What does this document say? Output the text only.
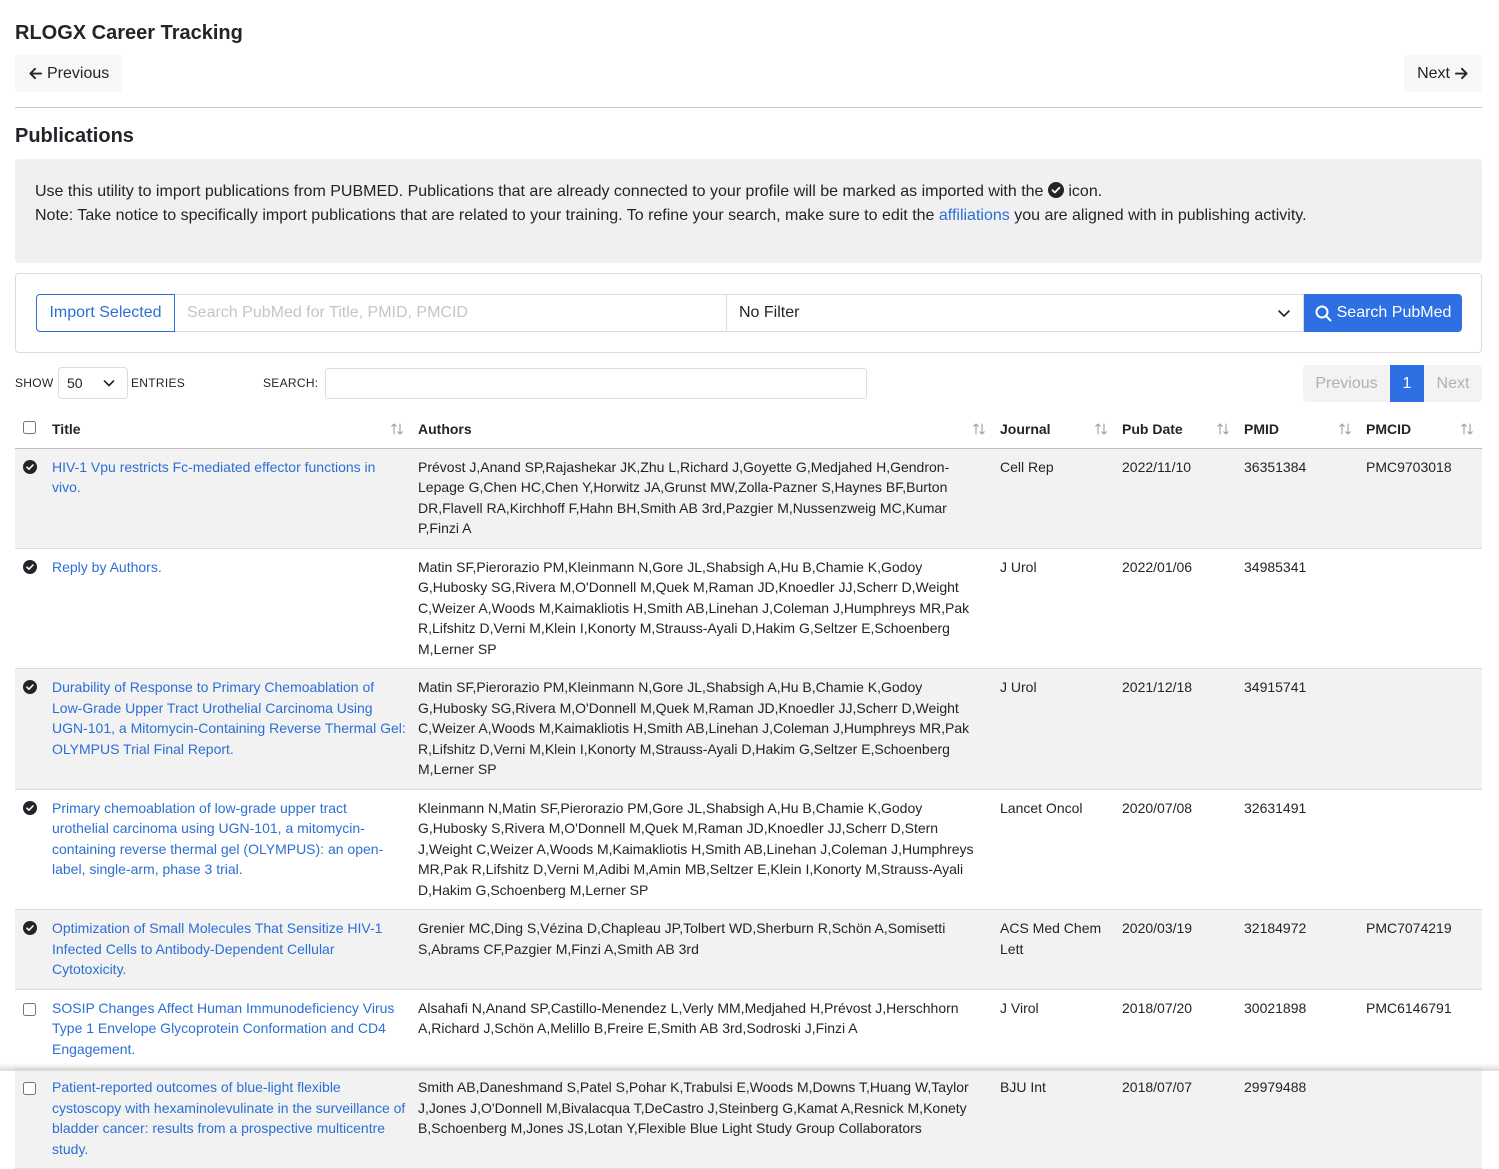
RLOGX Career Tracking
Previous	Next
Publications
Use this utility to import publications from PUBMED. Publications that are already connected to your profile will be marked as imported with the icon.
Note: Take notice to specifically import publications that are related to your training. To refine your search, make sure to edit the affiliations you are aligned with in publishing activity.
Import Selected
Search PubMed for Title, PMID, PMCID	No Filter	Search PubMed
SHOW 50	ENTRIES	SEARCH:	Previous	1	Next
	Title	Authors	Journal	Pub Date	PMID	PMCID

	HIV-1 Vpu restricts Fc-mediated effector functions in vivo.	Prévost J,Anand SP,Rajashekar JK,Zhu L,Richard J,Goyette G,Medjahed H,Gendron-Lepage G,Chen HC,Chen Y,Horwitz JA,Grunst MW,Zolla-Pazner S,Haynes BF,Burton DR,Flavell RA,Kirchhoff F,Hahn BH,Smith AB 3rd,Pazgier M,Nussenzweig MC,Kumar P,Finzi A	Cell Rep	2022/11/10	36351384	PMC9703018

	Reply by Authors.	Matin SF,Pierorazio PM,Kleinmann N,Gore JL,Shabsigh A,Hu B,Chamie K,Godoy G,Hubosky SG,Rivera M,O'Donnell M,Quek M,Raman JD,Knoedler JJ,Scherr D,Weight C,Weizer A,Woods M,Kaimakliotis H,Smith AB,Linehan J,Coleman J,Humphreys MR,Pak R,Lifshitz D,Verni M,Klein I,Konorty M,Strauss-Ayali D,Hakim G,Seltzer E,Schoenberg M,Lerner SP	J Urol	2022/01/06	34985341	

	Durability of Response to Primary Chemoablation of Low-Grade Upper Tract Urothelial Carcinoma Using UGN-101, a Mitomycin-Containing Reverse Thermal Gel: OLYMPUS Trial Final Report.	Matin SF,Pierorazio PM,Kleinmann N,Gore JL,Shabsigh A,Hu B,Chamie K,Godoy G,Hubosky SG,Rivera M,O'Donnell M,Quek M,Raman JD,Knoedler JJ,Scherr D,Weight C,Weizer A,Woods M,Kaimakliotis H,Smith AB,Linehan J,Coleman J,Humphreys MR,Pak R,Lifshitz D,Verni M,Klein I,Konorty M,Strauss-Ayali D,Hakim G,Seltzer E,Schoenberg M,Lerner SP	J Urol	2021/12/18	34915741	

	Primary chemoablation of low-grade upper tract urothelial carcinoma using UGN-101, a mitomycin-containing reverse thermal gel (OLYMPUS): an open-label, single-arm, phase 3 trial.	Kleinmann N,Matin SF,Pierorazio PM,Gore JL,Shabsigh A,Hu B,Chamie K,Godoy G,Hubosky S,Rivera M,O'Donnell M,Quek M,Raman JD,Knoedler JJ,Scherr D,Stern J,Weight C,Weizer A,Woods M,Kaimakliotis H,Smith AB,Linehan J,Coleman J,Humphreys MR,Pak R,Lifshitz D,Verni M,Adibi M,Amin MB,Seltzer E,Klein I,Konorty M,Strauss-Ayali D,Hakim G,Schoenberg M,Lerner SP	Lancet Oncol	2020/07/08	32631491	

	Optimization of Small Molecules That Sensitize HIV-1 Infected Cells to Antibody-Dependent Cellular Cytotoxicity.	Grenier MC,Ding S,Vézina D,Chapleau JP,Tolbert WD,Sherburn R,Schön A,Somisetti S,Abrams CF,Pazgier M,Finzi A,Smith AB 3rd	ACS Med Chem Lett	2020/03/19	32184972	PMC7074219
	SOSIP Changes Affect Human Immunodeficiency Virus Type 1 Envelope Glycoprotein Conformation and CD4 Engagement.	Alsahafi N,Anand SP,Castillo-Menendez L,Verly MM,Medjahed H,Prévost J,Herschhorn A,Richard J,Schön A,Melillo B,Freire E,Smith AB 3rd,Sodroski J,Finzi A	J Virol	2018/07/20	30021898	PMC6146791
	Patient-reported outcomes of blue-light flexible cystoscopy with hexaminolevulinate in the surveillance of bladder cancer: results from a prospective multicentre study.	Smith AB,Daneshmand S,Patel S,Pohar K,Trabulsi E,Woods M,Downs T,Huang W,Taylor J,Jones J,O'Donnell M,Bivalacqua T,DeCastro J,Steinberg G,Kamat A,Resnick M,Konety B,Schoenberg M,Jones JS,Lotan Y,Flexible Blue Light Study Group Collaborators	BJU Int	2018/07/07	29979488	
